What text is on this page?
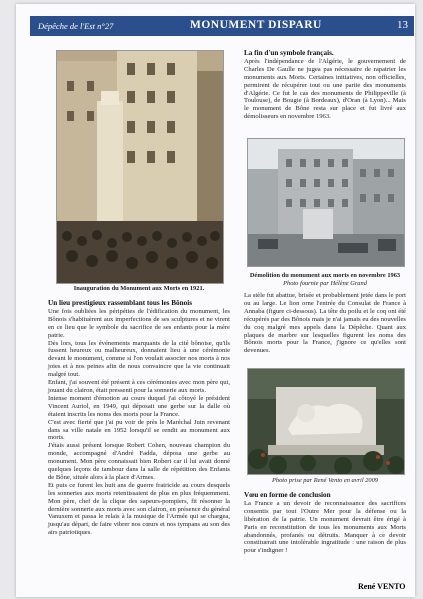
Dépêche de l'Est n°27	MONUMENT DISPARU	13
Inauguration du Monument aux Morts en 1921.

La fin d'un symbole français.

Après l'indépendance de l'Algérie, le gouvernement de Charles De Gaulle ne jugea pas nécessaire de rapatrier les monuments aux Morts. Certaines initiatives, non officielles, permirent de récupérer tout ou une partie des monuments d'Algérie. Ce fut le cas des monuments de Philippeville (à Toulouse), de Bougie (à Bordeaux), d'Oran (à Lyon)... Mais le monument de Bône resta sur place et fut livré aux démolisseurs en novembre 1963.

Démolition du monument aux morts en novembre 1963
Photo fournie par Hélène Grand

Un lieu prestigieux rassemblant tous les Bônois

Une fois oubliées les péripéties de l'édification du monument, les Bônois s'habituèrent aux imperfections de ses sculptures et ne virent en ce lieu que le symbole du sacrifice de ses enfants pour la mère patrie.

Dès lors, tous les événements marquants de la cité bônoise, qu'ils fussent heureux ou malheureux, donnaient lieu à une cérémonie devant le monument, comme si l'on voulait associer nos morts à nos joies et à nos peines afin de nous convaincre que la vie continuait malgré tout.

Enfant, j'ai souvent été présent à ces cérémonies avec mon père qui, jouant du clairon, était pressenti pour la sonnerie aux morts.

Intense moment d'émotion au cours duquel j'ai côtoyé le président Vincent Auriol, en 1949, qui déposait une gerbe sur la dalle où étaient inscrits les noms des morts pour la France.

C'est avec fierté que j'ai pu voir de près le Maréchal Juin revenant dans sa ville natale en 1952 lorsqu'il se rendit au monument aux morts.

J'étais aussi présent lorsque Robert Cohen, nouveau champion du monde, accompagné d'André Fadda, déposa une gerbe au monument. Mon père connaissait bien Robert car il lui avait donné quelques leçons de tambour dans la salle de répétition des Enfants de Bône, située alors à la place d'Armes.

Et puis ce furent les huit ans de guerre fratricide au cours desquels les sonneries aux morts retentissaient de plus en plus fréquemment. Mon père, chef de la clique des sapeurs-pompiers, fit résonner la dernière sonnerie aux morts avec son clairon, en présence du général Vanuxem et passa le relais à la musique de l'Armée qui se chargea, jusqu'au départ, de faire vibrer nos cœurs et nos tympans au son des airs patriotiques.

La stèle fut abattue, brisée et probablement jetée dans le port ou au large. Le lion orne l'entrée du Consulat de France à Annaba (figure ci-dessous). La tête du poilu et le coq ont été récupérés par des Bônois mais je n'ai jamais eu des nouvelles du coq malgré mes appels dans la Dépêche. Quant aux plaques de marbre sur lesquelles figurent les noms des Bônois morts pour la France, j'ignore ce qu'elles sont devenues.

Photo prise par René Vento en avril 2009

Vœu en forme de conclusion

La France a un devoir de reconnaissance des sacrifices consentis par tout l'Outre Mer pour la défense ou la libération de la patrie. Un monument devrait être érigé à Paris en reconstitution de tous les monuments aux Morts abandonnés, profanés ou détruits. Manquer à ce devoir constituerait une intolérable ingratitude : une raison de plus pour s'indigner !

René VENTO
